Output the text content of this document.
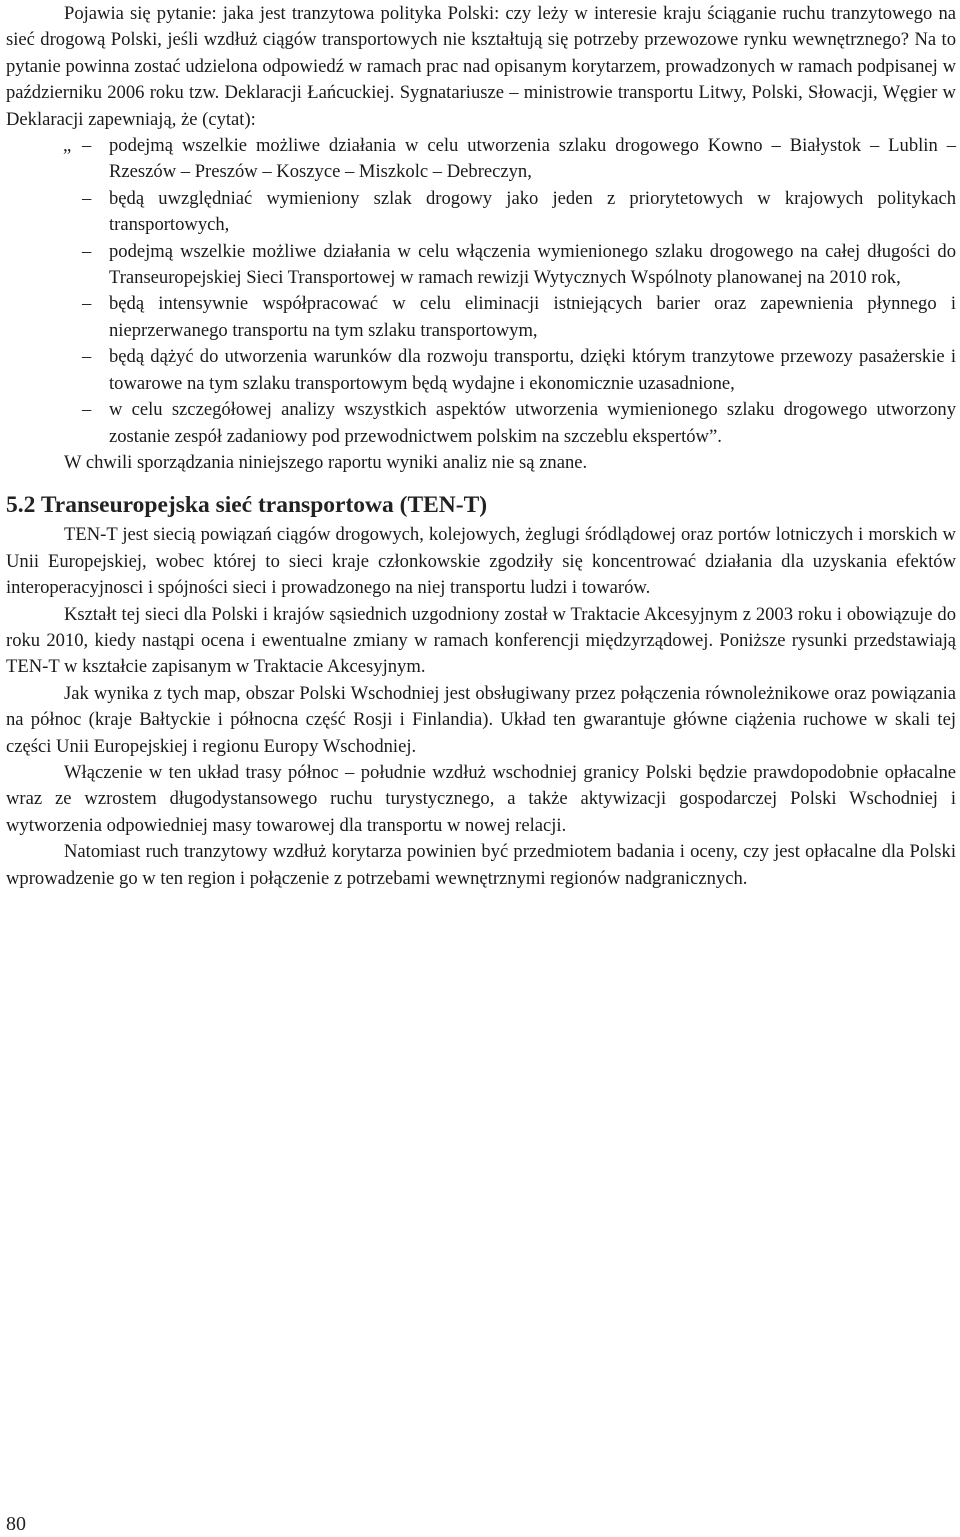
Pojawia się pytanie: jaka jest tranzytowa polityka Polski: czy leży w interesie kraju ściąganie ruchu tranzytowego na sieć drogową Polski, jeśli wzdłuż ciągów transportowych nie kształtują się potrzeby przewozowe rynku wewnętrznego? Na to pytanie powinna zostać udzielona odpowiedź w ramach prac nad opisanym korytarzem, prowadzonych w ramach podpisanej w październiku 2006 roku tzw. Deklaracji Łańcuckiej. Sygnatariusze – ministrowie transportu Litwy, Polski, Słowacji, Węgier w Deklaracji zapewniają, że (cytat):

„ – podejmą wszelkie możliwe działania w celu utworzenia szlaku drogowego Kowno – Białystok – Lublin – Rzeszów – Preszów – Koszyce – Miszkolc – Debreczyn,
– będą uwzględniać wymieniony szlak drogowy jako jeden z priorytetowych w krajowych politykach transportowych,
– podejmą wszelkie możliwe działania w celu włączenia wymienionego szlaku drogowego na całej długości do Transeuropejskiej Sieci Transportowej w ramach rewizji Wytycznych Wspólnoty planowanej na 2010 rok,
– będą intensywnie współpracować w celu eliminacji istniejących barier oraz zapewnienia płynnego i nieprzerwanego transportu na tym szlaku transportowym,
– będą dążyć do utworzenia warunków dla rozwoju transportu, dzięki którym tranzytowe przewozy pasażerskie i towarowe na tym szlaku transportowym będą wydajne i ekonomicznie uzasadnione,
– w celu szczegółowej analizy wszystkich aspektów utworzenia wymienionego szlaku drogowego utworzony zostanie zespół zadaniowy pod przewodnictwem polskim na szczeblu ekspertów”.

W chwili sporządzania niniejszego raportu wyniki analiz nie są znane.

5.2 Transeuropejska sieć transportowa (TEN-T)

TEN-T jest siecią powiązań ciągów drogowych, kolejowych, żeglugi śródlądowej oraz portów lotniczych i morskich w Unii Europejskiej, wobec której to sieci kraje członkowskie zgodziły się koncentrować działania dla uzyskania efektów interoperacyjnosci i spójności sieci i prowadzonego na niej transportu ludzi i towarów.

Kształt tej sieci dla Polski i krajów sąsiednich uzgodniony został w Traktacie Akcesyjnym z 2003 roku i obowiązuje do roku 2010, kiedy nastąpi ocena i ewentualne zmiany w ramach konferencji międzyrządowej. Poniższe rysunki przedstawiają TEN-T w kształcie zapisanym w Traktacie Akcesyjnym.

Jak wynika z tych map, obszar Polski Wschodniej jest obsługiwany przez połączenia równoleżnikowe oraz powiązania na północ (kraje Bałtyckie i północna część Rosji i Finlandia). Układ ten gwarantuje główne ciążenia ruchowe w skali tej części Unii Europejskiej i regionu Europy Wschodniej.

Włączenie w ten układ trasy północ – południe wzdłuż wschodniej granicy Polski będzie prawdopodobnie opłacalne wraz ze wzrostem długodystansowego ruchu turystycznego, a także aktywizacji gospodarczej Polski Wschodniej i wytworzenia odpowiedniej masy towarowej dla transportu w nowej relacji.

Natomiast ruch tranzytowy wzdłuż korytarza powinien być przedmiotem badania i oceny, czy jest opłacalne dla Polski wprowadzenie go w ten region i połączenie z potrzebami wewnętrznymi regionów nadgranicznych.

80
